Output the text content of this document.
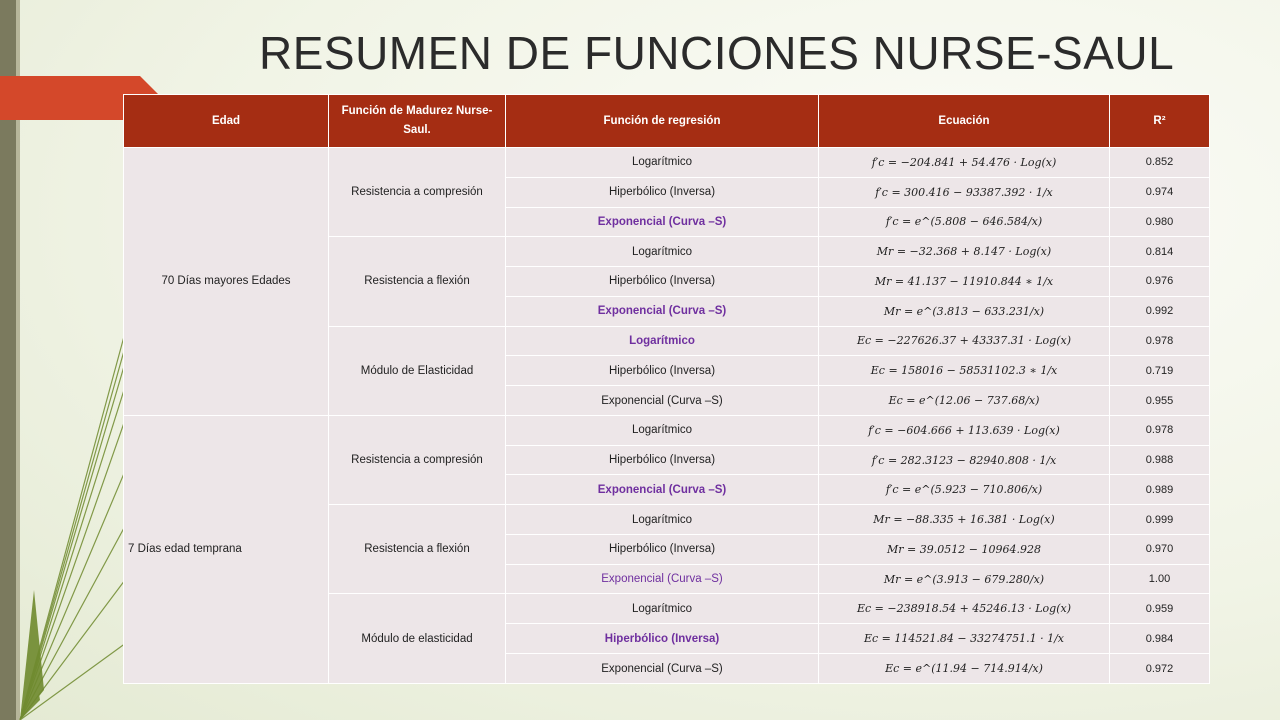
RESUMEN DE FUNCIONES NURSE-SAUL
Edad	Función de Madurez Nurse-Saul.	Función de regresión	Ecuación	R²
70 Días mayores Edades	Resistencia a compresión	Logarítmico	f′c = −204.841 + 54.476 · Log(x)	0.852
		Hiperbólico (Inversa)	f′c = 300.416 − 93387.392 · 1/x	0.974
		Exponencial (Curva –S)	f′c = e^(5.808 − 646.584/x)	0.980
	Resistencia a flexión	Logarítmico	Mr = −32.368 + 8.147 · Log(x)	0.814
		Hiperbólico (Inversa)	Mr = 41.137 − 11910.844 ∗ 1/x	0.976
		Exponencial (Curva –S)	Mr = e^(3.813 − 633.231/x)	0.992
	Módulo de Elasticidad	Logarítmico	Ec = −227626.37 + 43337.31 · Log(x)	0.978
		Hiperbólico (Inversa)	Ec = 158016 − 58531102.3 ∗ 1/x	0.719
		Exponencial (Curva –S)	Ec = e^(12.06 − 737.68/x)	0.955
7 Días edad temprana	Resistencia a compresión	Logarítmico	f′c = −604.666 + 113.639 · Log(x)	0.978
		Hiperbólico (Inversa)	f′c = 282.3123 − 82940.808 · 1/x	0.988
		Exponencial (Curva –S)	f′c = e^(5.923 − 710.806/x)	0.989
	Resistencia a flexión	Logarítmico	Mr = −88.335 + 16.381 · Log(x)	0.999
		Hiperbólico (Inversa)	Mr = 39.0512 − 10964.928	0.970
		Exponencial (Curva –S)	Mr = e^(3.913 − 679.280/x)	1.00
	Módulo de elasticidad	Logarítmico	Ec = −238918.54 + 45246.13 · Log(x)	0.959
		Hiperbólico (Inversa)	Ec = 114521.84 − 33274751.1 · 1/x	0.984
		Exponencial (Curva –S)	Ec = e^(11.94 − 714.914/x)	0.972
